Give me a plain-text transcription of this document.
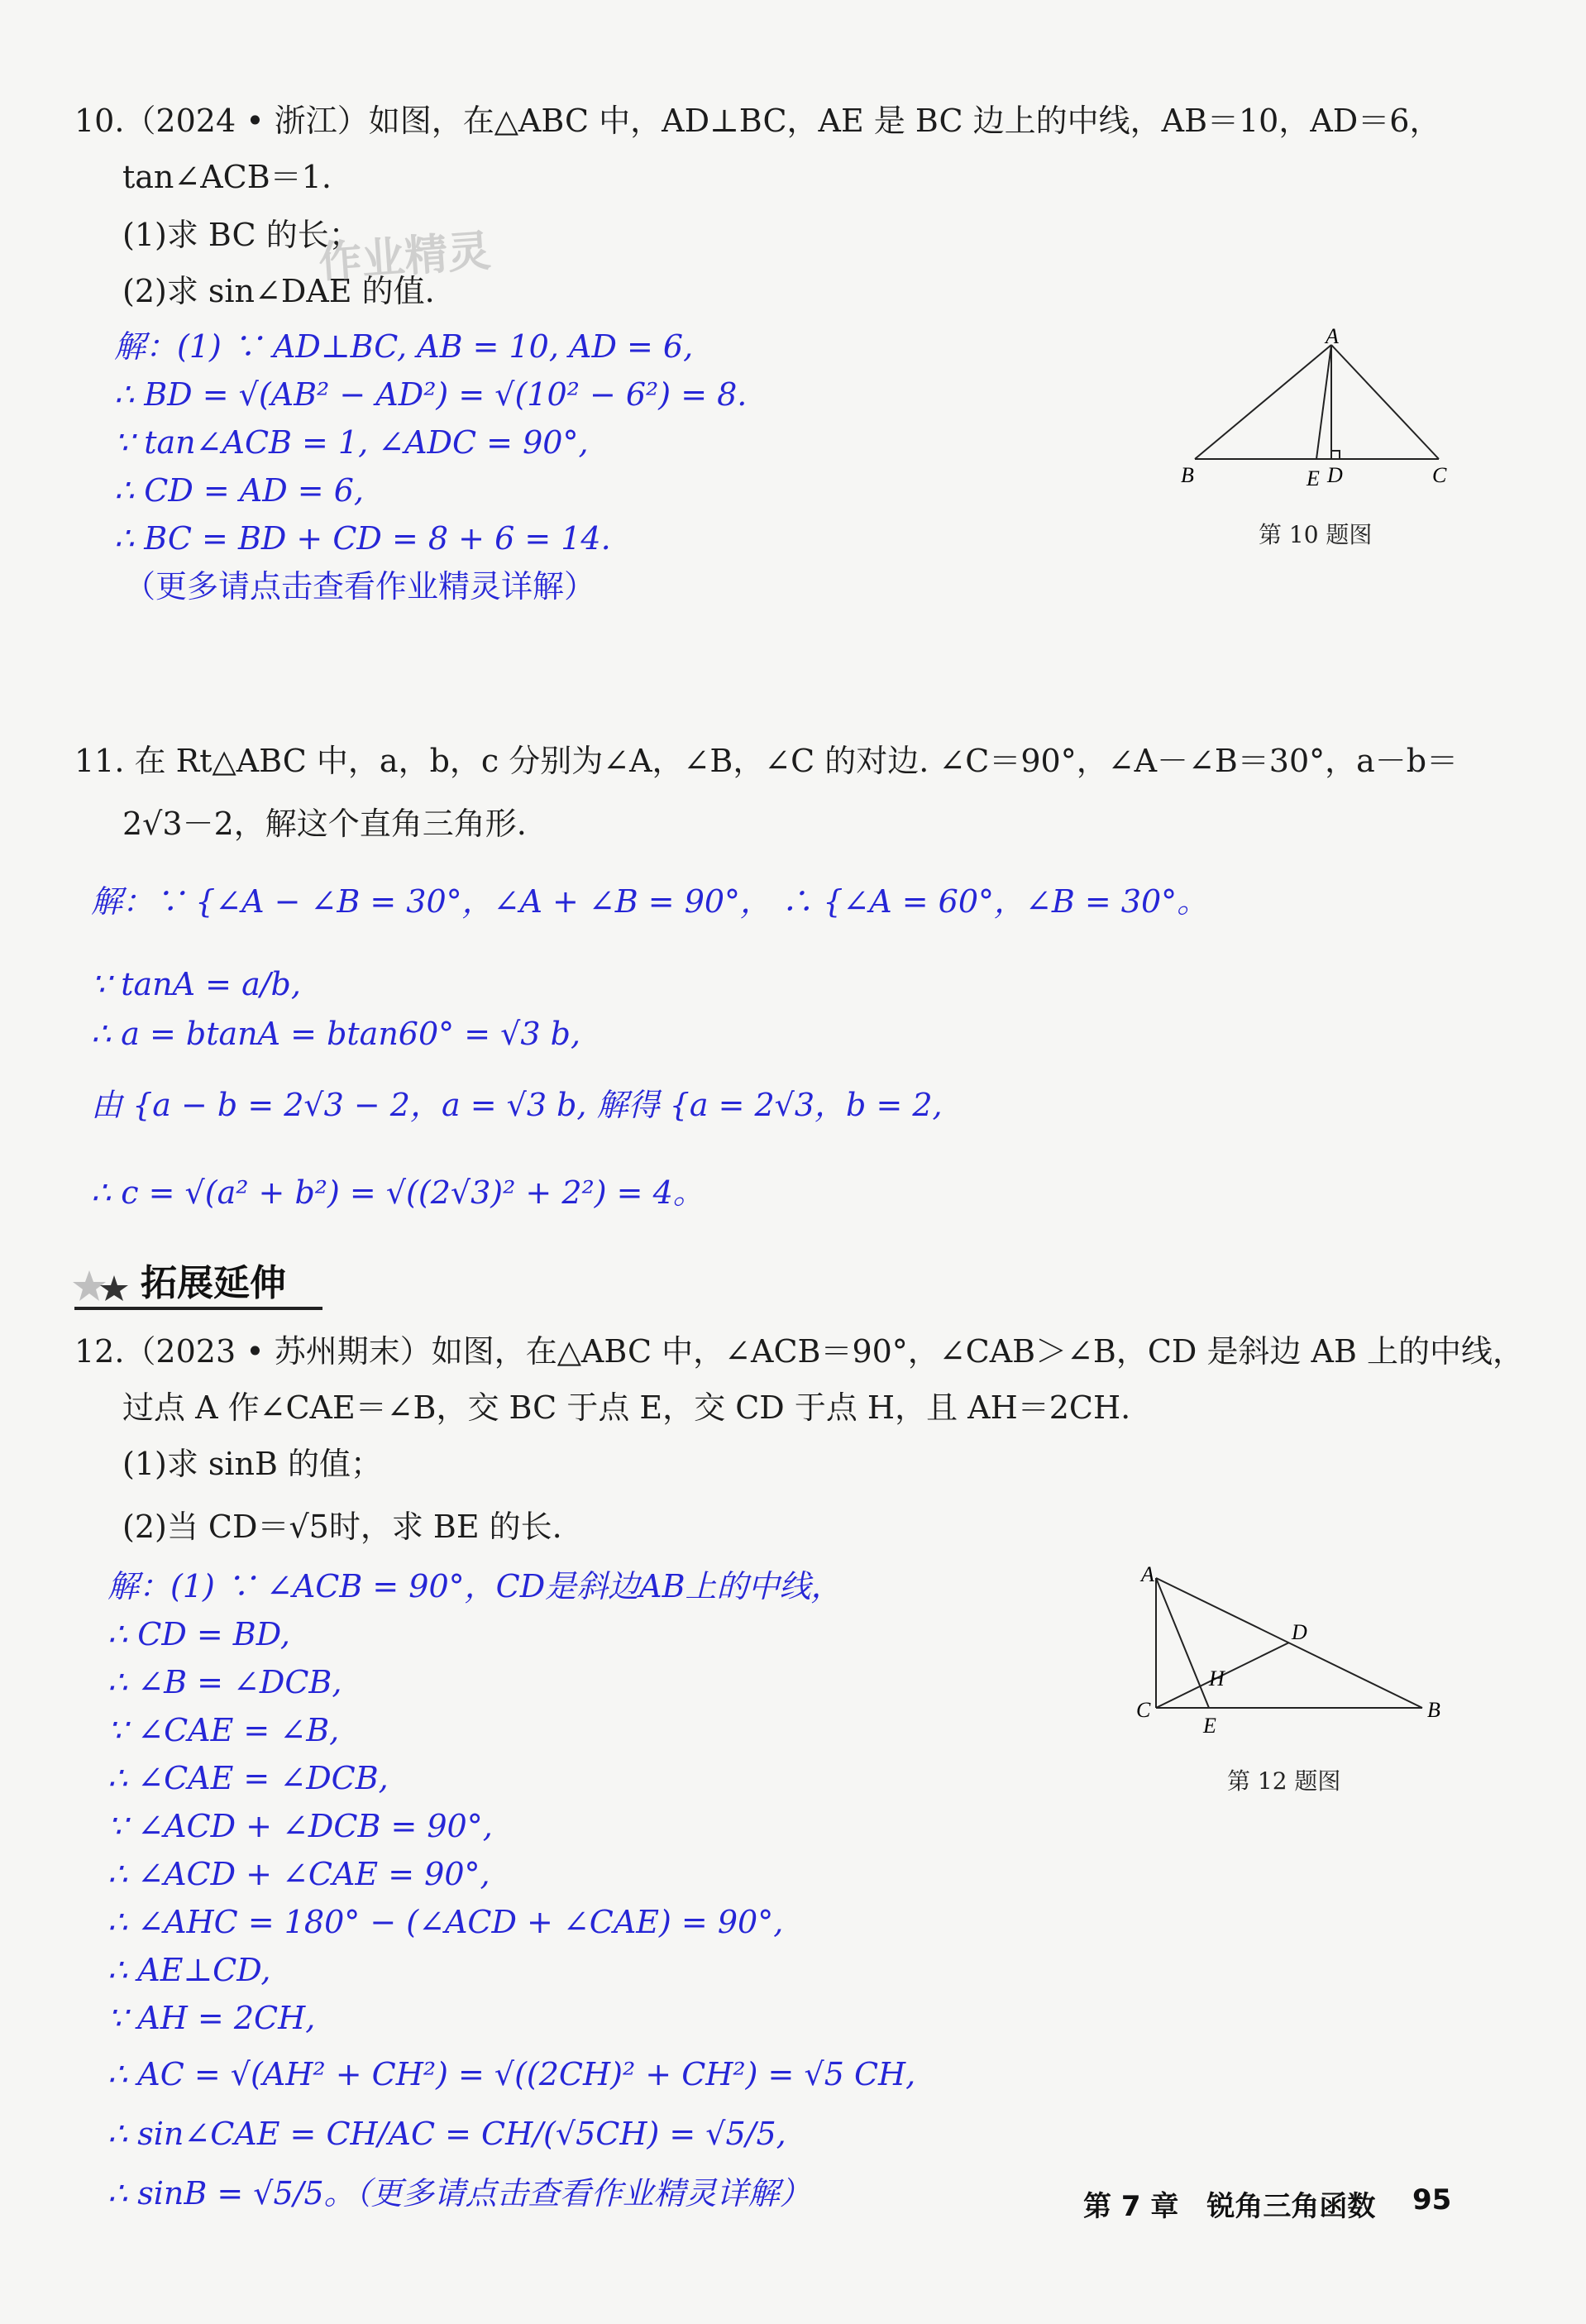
10.（2024 • 浙江）如图，在△ABC 中，AD⊥BC，AE 是 BC 边上的中线，AB＝10，AD＝6，
tan∠ACB＝1.
(1)求 BC 的长；
(2)求 sin∠DAE 的值.
作业精灵
解：(1) ∵ AD⊥BC, AB = 10, AD = 6,
∴ BD = √(AB² − AD²) = √(10² − 6²) = 8.
∵ tan∠ACB = 1, ∠ADC = 90°,
∴ CD = AD = 6,
∴ BC = BD + CD = 8 + 6 = 14.
（更多请点击查看作业精灵详解）
A
B	E D	C
第 10 题图
11. 在 Rt△ABC 中，a，b，c 分别为∠A，∠B，∠C 的对边. ∠C＝90°，∠A－∠B＝30°，a－b＝
2√3－2，解这个直角三角形.
解：∵ {∠A − ∠B = 30°，∠A + ∠B = 90°， ∴ {∠A = 60°，∠B = 30°。
∵ tanA = a/b,
∴ a = btanA = btan60° = √3 b,
由 {a − b = 2√3 − 2，a = √3 b, 解得 {a = 2√3，b = 2,
∴ c = √(a² + b²) = √((2√3)² + 2²) = 4。
拓展延伸
12.（2023 • 苏州期末）如图，在△ABC 中，∠ACB＝90°，∠CAB＞∠B，CD 是斜边 AB 上的中线，
过点 A 作∠CAE＝∠B，交 BC 于点 E，交 CD 于点 H，且 AH＝2CH.
(1)求 sinB 的值；
(2)当 CD＝√5时，求 BE 的长.
解：(1) ∵ ∠ACB = 90°，CD是斜边AB上的中线，
∴ CD = BD,
∴ ∠B = ∠DCB,
∵ ∠CAE = ∠B,
∴ ∠CAE = ∠DCB,
∵ ∠ACD + ∠DCB = 90°,
∴ ∠ACD + ∠CAE = 90°,
∴ ∠AHC = 180° − (∠ACD + ∠CAE) = 90°,
∴ AE⊥CD,
∵ AH = 2CH,
∴ AC = √(AH² + CH²) = √((2CH)² + CH²) = √5 CH,
∴ sin∠CAE = CH/AC = CH/(√5CH) = √5/5,
∴ sinB = √5/5。（更多请点击查看作业精灵详解）
A
D
H
C
E
B
第 12 题图
第 7 章　锐角三角函数 95
